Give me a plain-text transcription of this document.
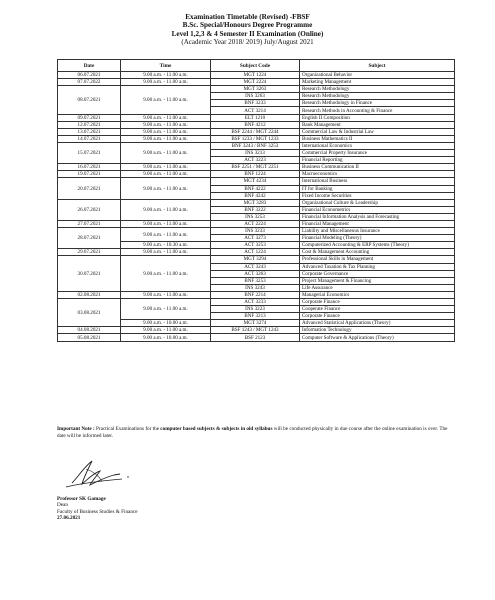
Examination Timetable (Revised) -FBSF
B.Sc. Special/Honours Degree Programme
Level 1,2,3 & 4 Semester II Examination (Online)
(Academic Year 2018/ 2019) July/August 2021
Date	Time	Subject Code	Subject
06.07.2021	9.00 a.m. - 11.00 a.m.	MGT 1224	Organizational Behavior
07.07.2022	9.00 a.m. - 11.00 a.m.	MGT 2224	Marketing Management
08.07.2021	9.00 a.m. - 11.00 a.m.	MGT 3263	Research Methodology
		INS 3263	Research Methodology
		BNF 3233	Research Methodology in Finance
		ACT 3214	Research Methods in Accounting & Finance
09.07.2021	9.00 a.m. - 11.00 a.m.	ELT 1210	English II Composition
12.07.2021	9.00 a.m. - 11.00 a.m.	BNF 4212	Bank Management
13.07.2021	9.00 a.m. - 11.00 a.m.	BSF 2244 / MGT 2244	Commercial Law & Industrial Law
14.07.2021	9.00 a.m. - 11.00 a.m.	BSF 1233 / MGT 1233	Business Mathematics II
15.07.2021	9.00 a.m. - 11.00 a.m.	BNF 3243 / BNF 3253	International Economics
		INS 3213	Commercial Property Insurance
		ACT 3223	Financial Reporting
16.07.2021	9.00 a.m. - 11.00 a.m.	BSF 2251 / MGT 2251	Business Communication II
19.07.2021	9.00 a.m. - 11.00 a.m.	BNF 1224	Macroeconomics
20.07.2021	9.00 a.m. - 11.00 a.m.	MGT 4234	International Business
		BNF 4222	IT for Banking
		BNF 4242	Fixed Income Securities
26.07.2021	9.00 a.m. - 11.00 a.m.	MGT 3283	Organizational Culture & Leadership
		BNF 3222	Financial Econometrics
		INS 3253	Financial Information Analysis and Forecasting
27.07.2021	9.00 a.m. - 11.00 a.m.	ACT 2224	Financial Management
28.07.2021	9.00 a.m. - 11.00 a.m.	INS 3233	Liability and Miscellaneous Insurance
		ACT 3273	Financial Modeling (Theory)
	9.00 a.m. - 10.30 a.m.	ACT 3253	Computerized Accounting & ERP Systems (Theory)
29.07.2021	9.00 a.m. - 11.00 a.m.	ACT 1224	Cost & Management Accounting
30.07.2021	9.00 a.m. - 11.00 a.m.	MGT 3294	Professional Skills in Management
		ACT 3243	Advanced Taxation & Tax Planning
		ACT 3263	Corporate Governance
		BNF 3253	Project Management & Financing
		INS 3243	Life Assurance
02.08.2021	9.00 a.m. - 11.00 a.m.	BNF 2214	Managerial Economics
03.08.2021	9.00 a.m. - 11.00 a.m.	ACT 3233	Corporate Finance
		INS 3223	Cooperate Finance
		BNF 3213	Corporate Finance
	9.00 a.m. - 10.00 a.m.	MGT 3274	Advanced Statistical Applications (Theory)
04.08.2021	9.00 a.m. - 11.00 a.m.	BSF 1243 / MGT 1243	Information Technology
05.08.2021	9.00 a.m. - 10.00 a.m.	BSF 2123	Computer Software & Applications (Theory)
Important Note : Practical Examinations for the computer based subjects & subjects in old syllabus will be conducted physically in due course after the online examination is over. The date will be informed later.
Professor SK Gamage
Dean
Faculty of Business Studies & Finance
27.06.2021
